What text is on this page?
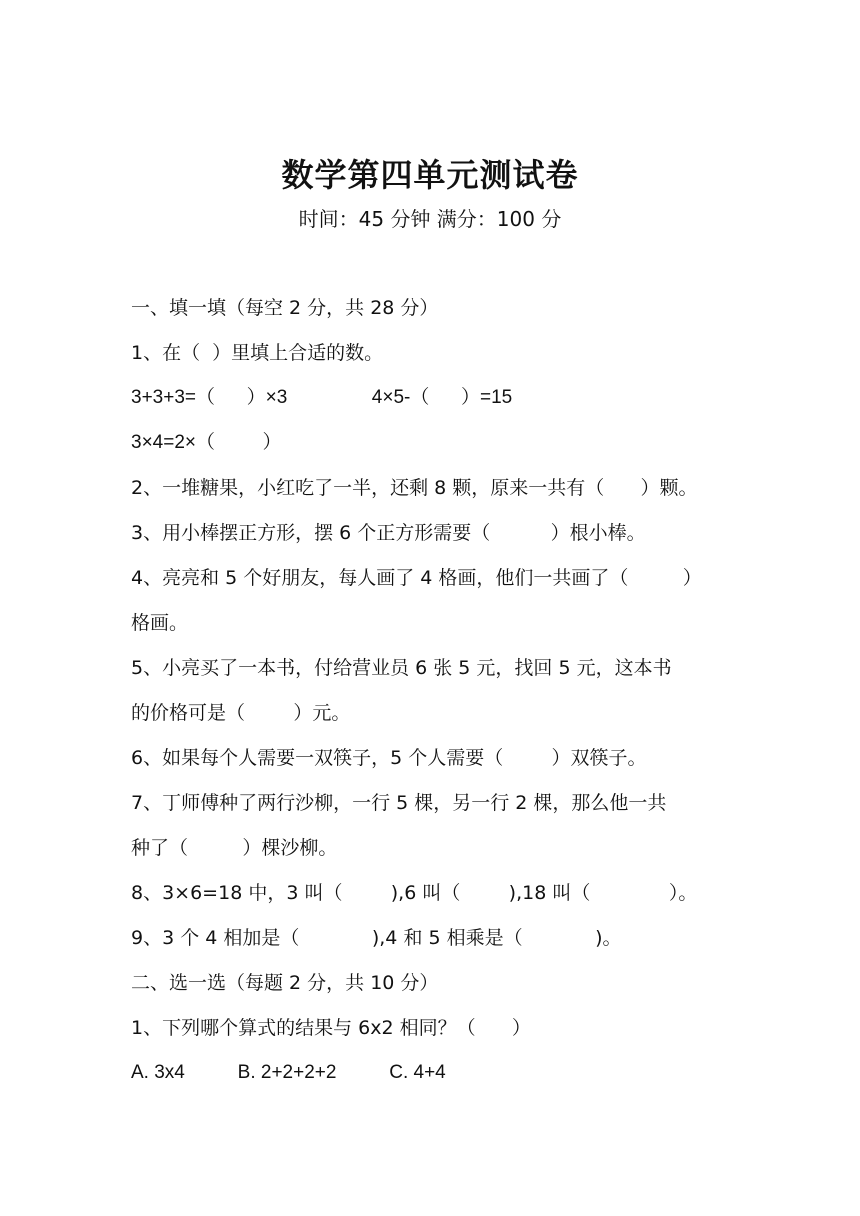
数学第四单元测试卷
时间：45 分钟 满分：100 分
一、填一填（每空 2 分，共 28 分）
1、在（  ）里填上合适的数。
3+3+3=（      ）×3                4×5-（      ）=15
3×4=2×（         ）
2、一堆糖果，小红吃了一半，还剩 8 颗，原来一共有（      ）颗。
3、用小棒摆正方形，摆 6 个正方形需要（          ）根小棒。
4、亮亮和 5 个好朋友，每人画了 4 格画，他们一共画了（         ）
格画。
5、小亮买了一本书，付给营业员 6 张 5 元，找回 5 元，这本书
的价格可是（        ）元。
6、如果每个人需要一双筷子，5 个人需要（        ）双筷子。
7、丁师傅种了两行沙柳，一行 5 棵，另一行 2 棵，那么他一共
种了（         ）棵沙柳。
8、3×6=18 中，3 叫（        ),6 叫（        ),18 叫（             ）。
9、3 个 4 相加是（            ),4 和 5 相乘是（            )。
二、选一选（每题 2 分，共 10 分）
1、下列哪个算式的结果与 6x2 相同？（      ）
A. 3x4          B. 2+2+2+2          C. 4+4
